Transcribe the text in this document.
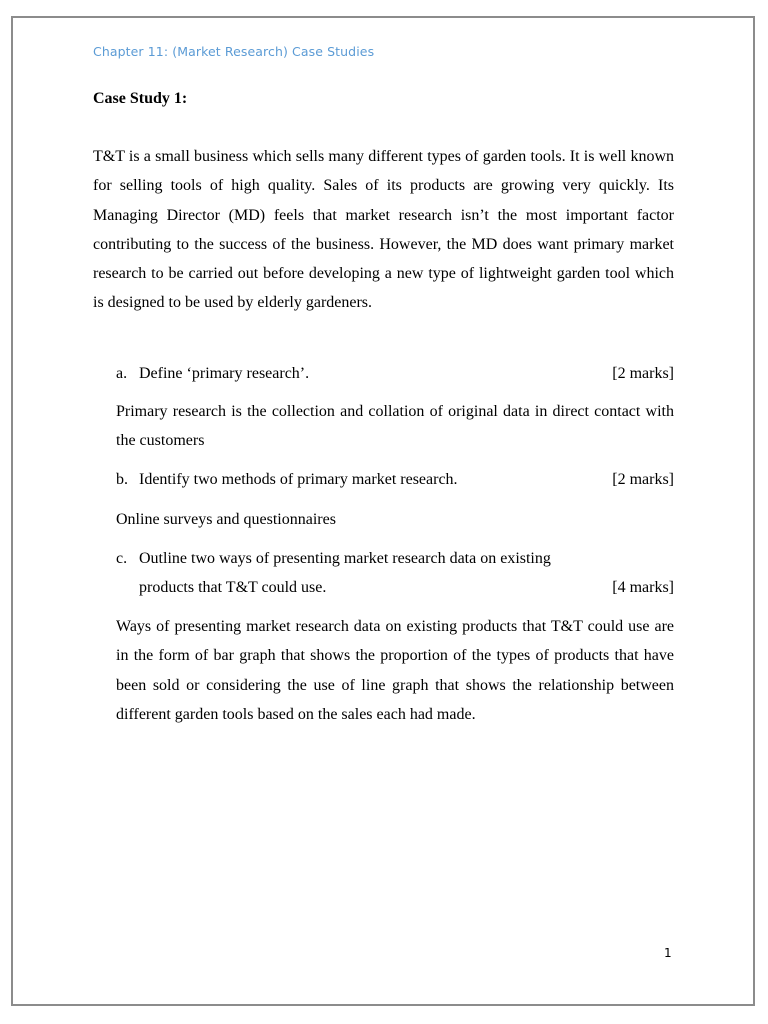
Chapter 11: (Market Research) Case Studies
Case Study 1:
T&T is a small business which sells many different types of garden tools. It is well known for selling tools of high quality. Sales of its products are growing very quickly. Its Managing Director (MD) feels that market research isn’t the most important factor contributing to the success of the business. However, the MD does want primary market research to be carried out before developing a new type of lightweight garden tool which is designed to be used by elderly gardeners.
a. Define ‘primary research’.	[2 marks]
Primary research is the collection and collation of original data in direct contact with the customers
b. Identify two methods of primary market research.	[2 marks]
Online surveys and questionnaires
c. Outline two ways of presenting market research data on existing products that T&T could use.	[4 marks]
Ways of presenting market research data on existing products that T&T could use are in the form of bar graph that shows the proportion of the types of products that have been sold or considering the use of line graph that shows the relationship between different garden tools based on the sales each had made.
1
